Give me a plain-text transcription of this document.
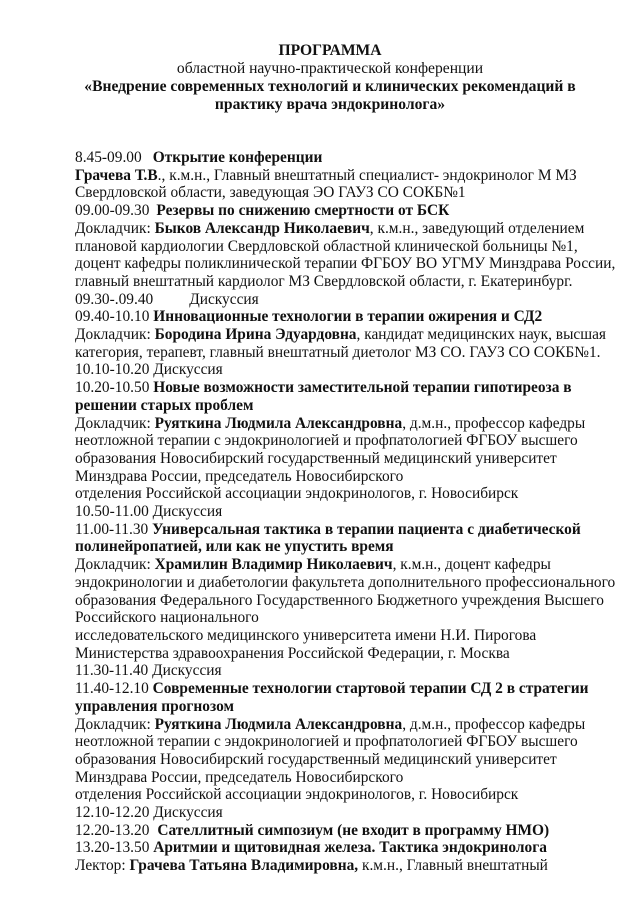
ПРОГРАММА
областной научно-практической конференции
«Внедрение современных технологий и клинических рекомендаций в
практику врача эндокринолога»
8.45-09.00 Открытие конференции
Грачева Т.В., к.м.н., Главный внештатный специалист- эндокринолог М МЗ
Свердловской области, заведующая ЭО ГАУЗ СО СОКБ№1
09.00-09.30 Резервы по снижению смертности от БСК
Докладчик: Быков Александр Николаевич, к.м.н., заведующий отделением
плановой кардиологии Свердловской областной клинической больницы №1,
доцент кафедры поликлинической терапии ФГБОУ ВО УГМУ Минздрава России,
главный внештатный кардиолог МЗ Свердловской области, г. Екатеринбург.
09.30-.09.40 Дискуссия
09.40-10.10 Инновационные технологии в терапии ожирения и СД2
Докладчик: Бородина Ирина Эдуардовна, кандидат медицинских наук, высшая
категория, терапевт, главный внештатный диетолог МЗ СО. ГАУЗ СО СОКБ№1.
10.10-10.20 Дискуссия
10.20-10.50 Новые возможности заместительной терапии гипотиреоза в
решении старых проблем
Докладчик: Руяткина Людмила Александровна, д.м.н., профессор кафедры
неотложной терапии с эндокринологией и профпатологией ФГБОУ высшего
образования Новосибирский государственный медицинский университет
Минздрава России, председатель Новосибирского
отделения Российской ассоциации эндокринологов, г. Новосибирск
10.50-11.00 Дискуссия
11.00-11.30 Универсальная тактика в терапии пациента с диабетической
полинейропатией, или как не упустить время
Докладчик: Храмилин Владимир Николаевич, к.м.н., доцент кафедры
эндокринологии и диабетологии факультета дополнительного профессионального
образования Федерального Государственного Бюджетного учреждения Высшего
Российского национального
исследовательского медицинского университета имени Н.И. Пирогова
Министерства здравоохранения Российской Федерации, г. Москва
11.30-11.40 Дискуссия
11.40-12.10 Современные технологии стартовой терапии СД 2 в стратегии
управления прогнозом
Докладчик: Руяткина Людмила Александровна, д.м.н., профессор кафедры
неотложной терапии с эндокринологией и профпатологией ФГБОУ высшего
образования Новосибирский государственный медицинский университет
Минздрава России, председатель Новосибирского
отделения Российской ассоциации эндокринологов, г. Новосибирск
12.10-12.20 Дискуссия
12.20-13.20 Сателлитный симпозиум (не входит в программу НМО)
13.20-13.50 Аритмии и щитовидная железа. Тактика эндокринолога
Лектор: Грачева Татьяна Владимировна, к.м.н., Главный внештатный
